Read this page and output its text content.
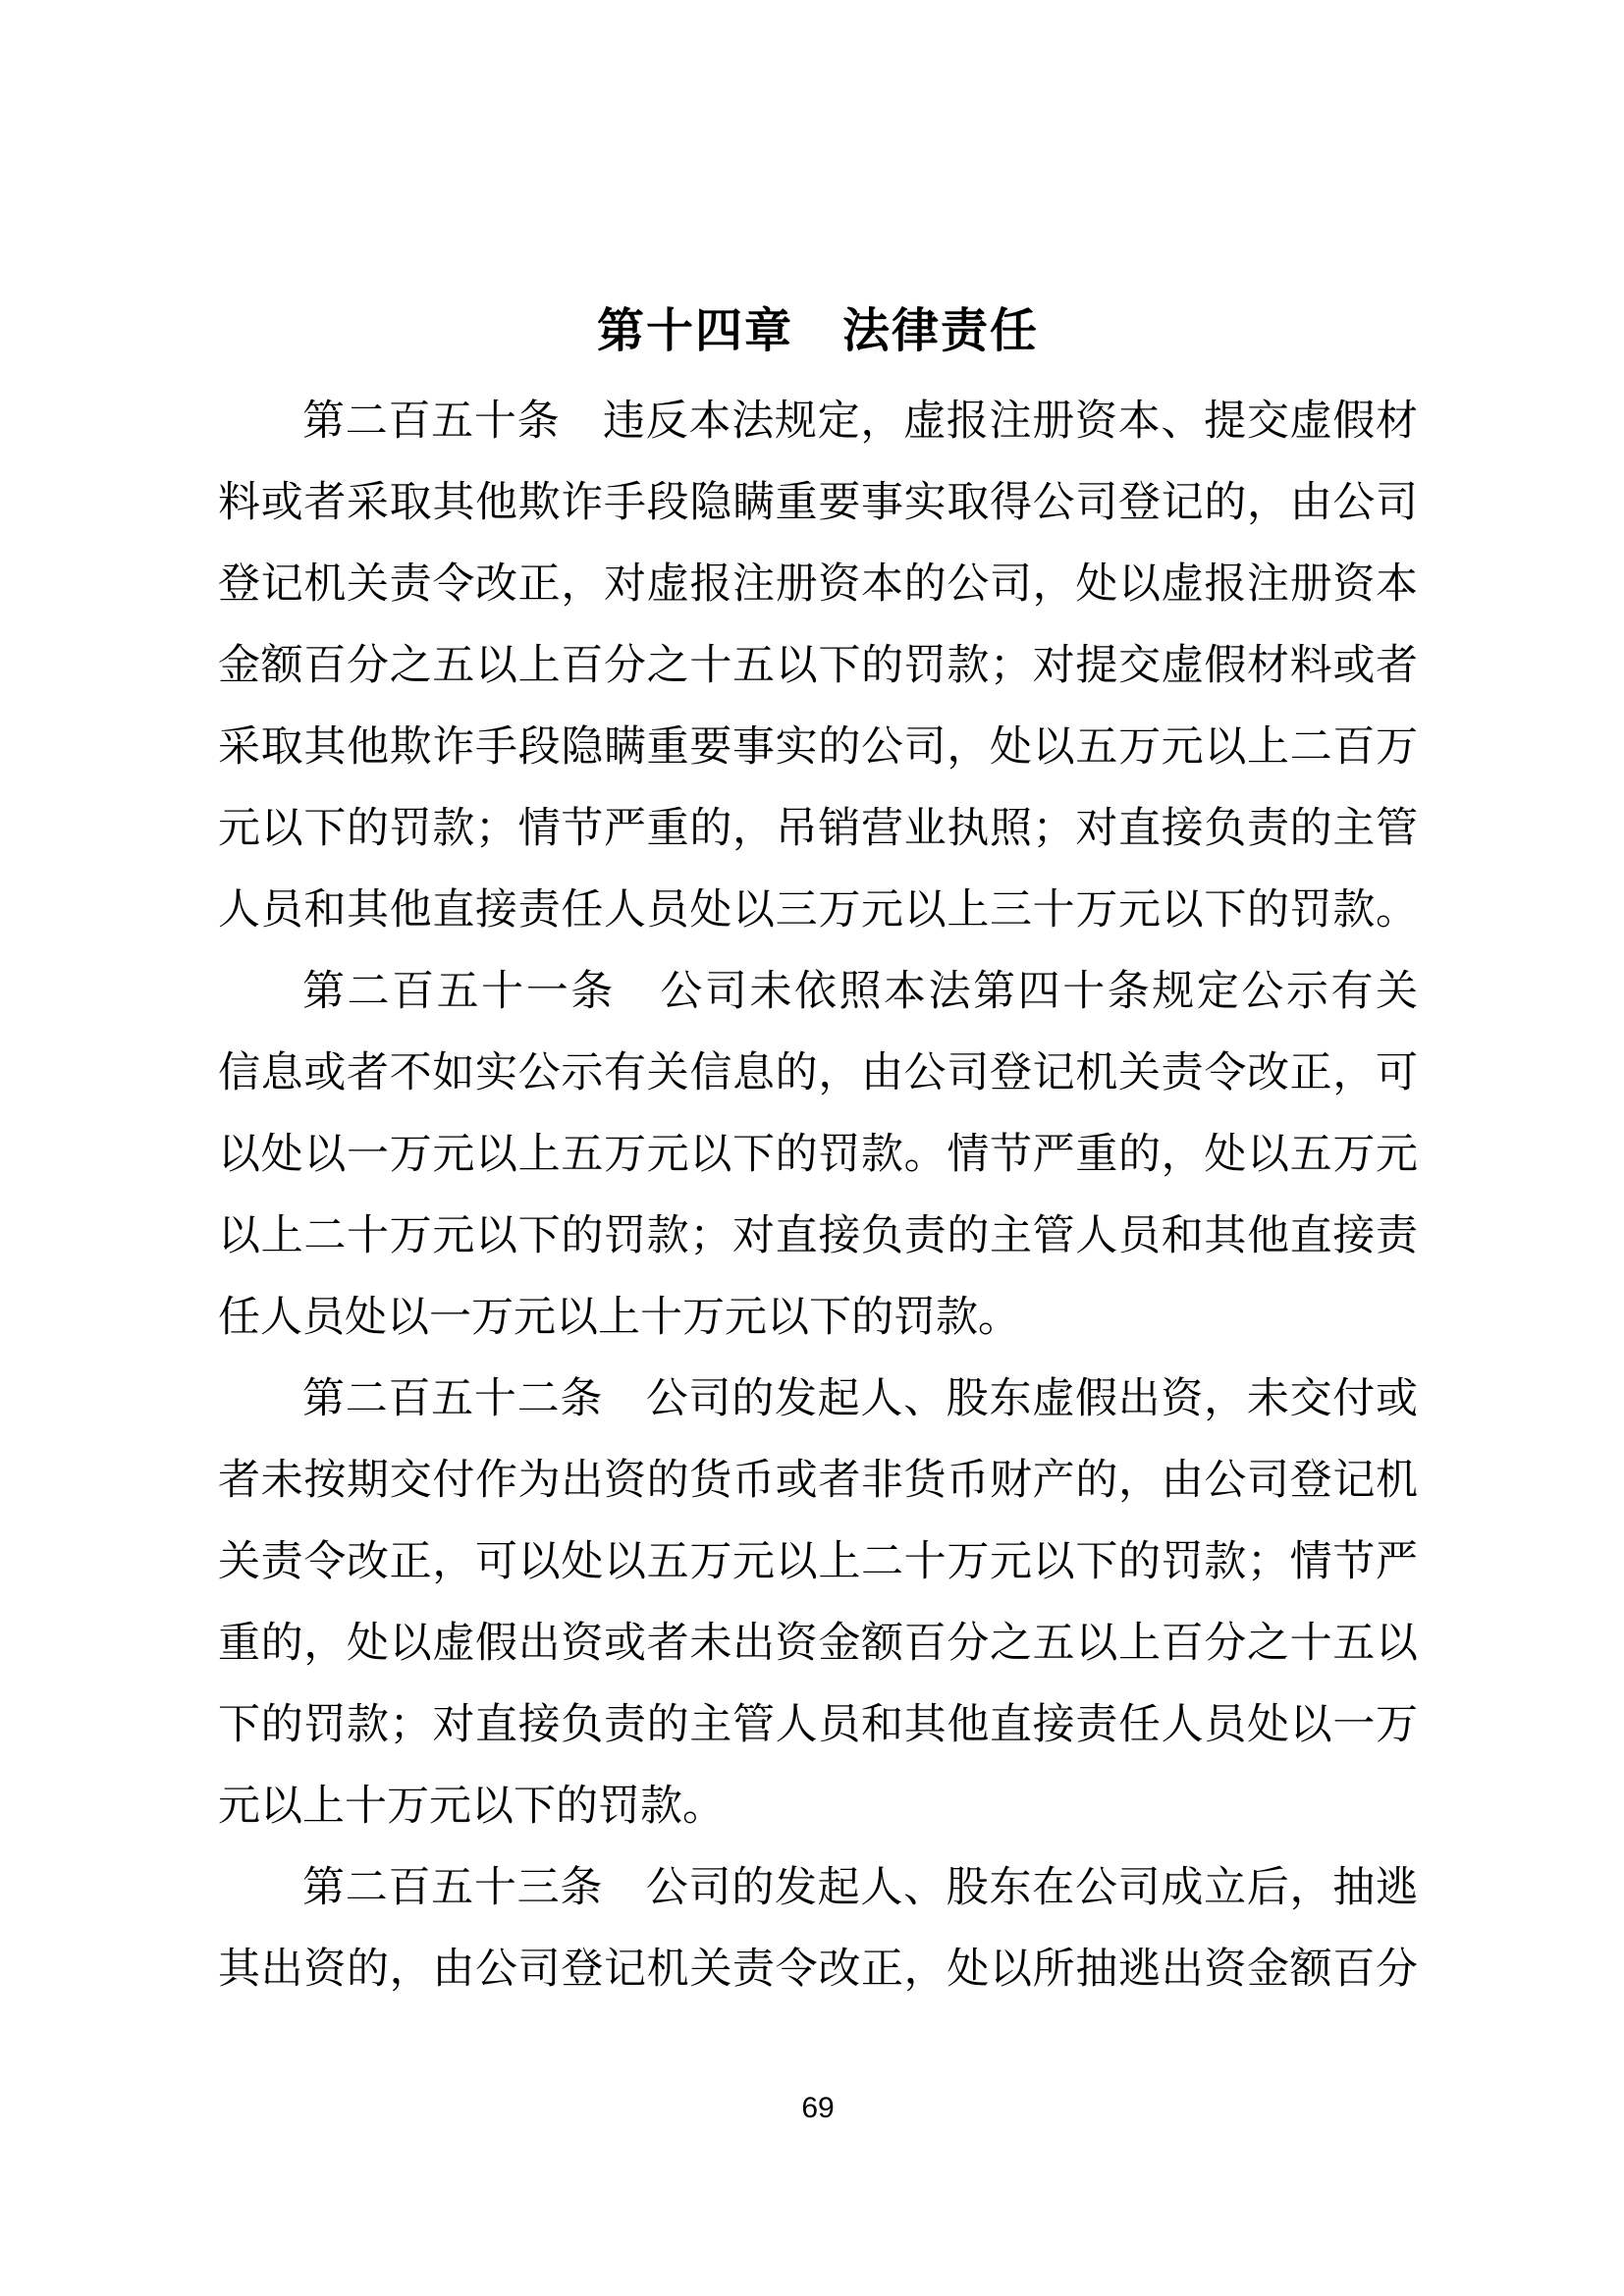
第十四章　法律责任
第二百五十条　违反本法规定，虚报注册资本、提交虚假材
料或者采取其他欺诈手段隐瞒重要事实取得公司登记的，由公司
登记机关责令改正，对虚报注册资本的公司，处以虚报注册资本
金额百分之五以上百分之十五以下的罚款；对提交虚假材料或者
采取其他欺诈手段隐瞒重要事实的公司，处以五万元以上二百万
元以下的罚款；情节严重的，吊销营业执照；对直接负责的主管
人员和其他直接责任人员处以三万元以上三十万元以下的罚款。
第二百五十一条　公司未依照本法第四十条规定公示有关
信息或者不如实公示有关信息的，由公司登记机关责令改正，可
以处以一万元以上五万元以下的罚款。情节严重的，处以五万元
以上二十万元以下的罚款；对直接负责的主管人员和其他直接责
任人员处以一万元以上十万元以下的罚款。
第二百五十二条　公司的发起人、股东虚假出资，未交付或
者未按期交付作为出资的货币或者非货币财产的，由公司登记机
关责令改正，可以处以五万元以上二十万元以下的罚款；情节严
重的，处以虚假出资或者未出资金额百分之五以上百分之十五以
下的罚款；对直接负责的主管人员和其他直接责任人员处以一万
元以上十万元以下的罚款。
第二百五十三条　公司的发起人、股东在公司成立后，抽逃
其出资的，由公司登记机关责令改正，处以所抽逃出资金额百分
69
